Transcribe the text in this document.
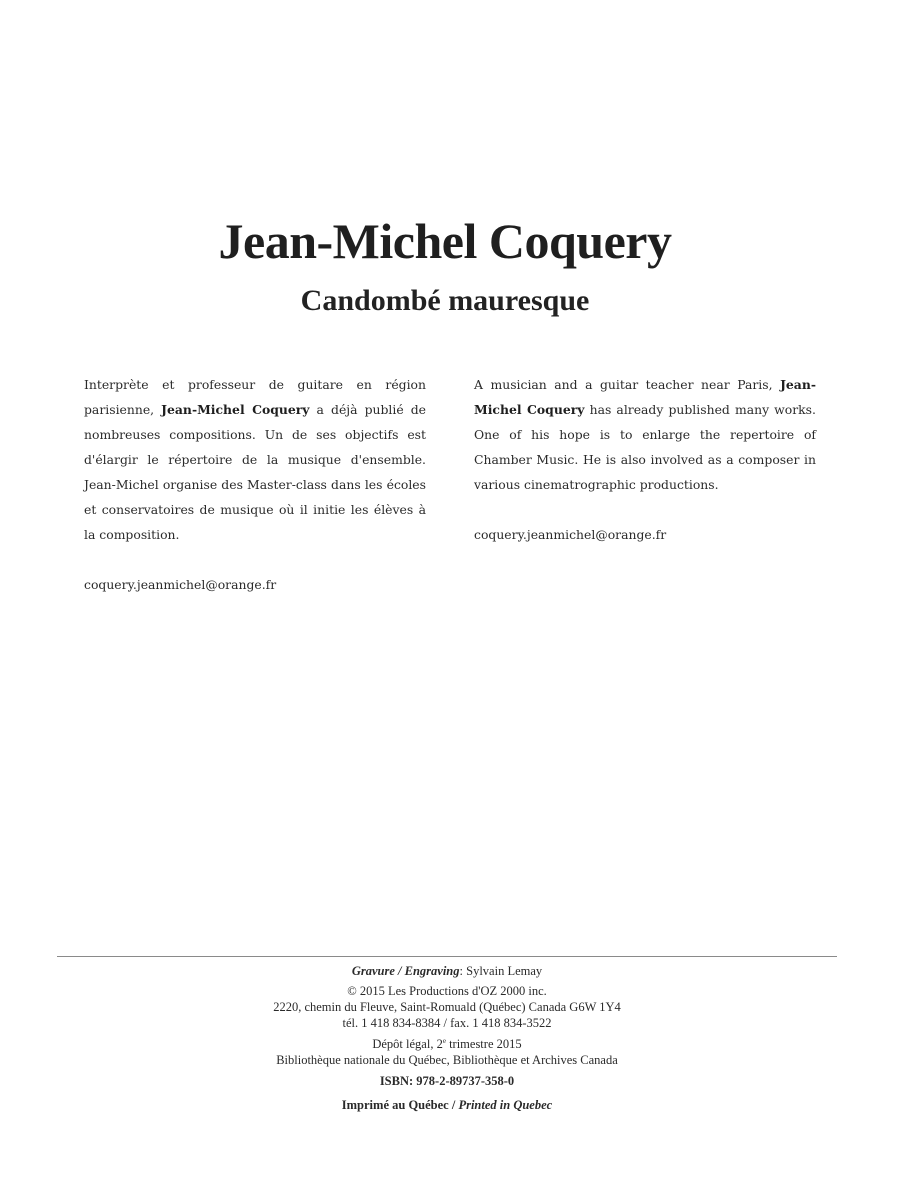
Jean-Michel Coquery
Candombé mauresque

Interprète et professeur de guitare en région parisienne, Jean-Michel Coquery a déjà publié de nombreuses compositions. Un de ses objectifs est d'élargir le répertoire de la musique d'ensemble. Jean-Michel organise des Master-class dans les écoles et conservatoires de musique où il initie les élèves à la composition.

coquery.jeanmichel@orange.fr

A musician and a guitar teacher near Paris, Jean-Michel Coquery has already published many works. One of his hope is to enlarge the repertoire of Chamber Music. He is also involved as a composer in various cinematrographic productions.

coquery.jeanmichel@orange.fr

Gravure / Engraving: Sylvain Lemay
© 2015 Les Productions d'OZ 2000 inc.
2220, chemin du Fleuve, Saint-Romuald (Québec) Canada G6W 1Y4
tél. 1 418 834-8384 / fax. 1 418 834-3522
Dépôt légal, 2e trimestre 2015
Bibliothèque nationale du Québec, Bibliothèque et Archives Canada
ISBN: 978-2-89737-358-0
Imprimé au Québec / Printed in Quebec
